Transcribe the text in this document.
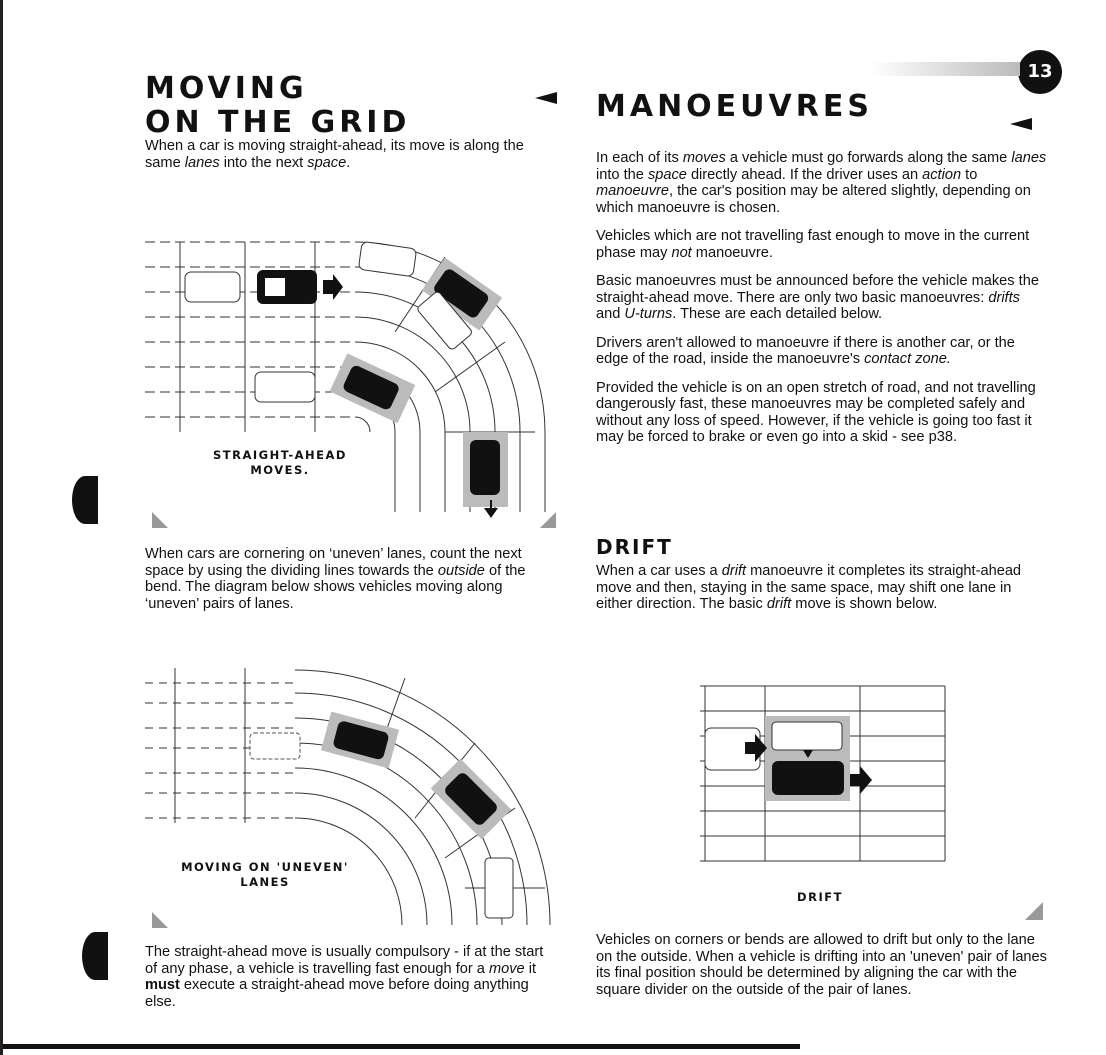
13
MOVING
ON THE GRID

When a car is moving straight-ahead, its move is along the same lanes into the next space.

STRAIGHT-AHEAD
MOVES.

When cars are cornering on ‘uneven’ lanes, count the next space by using the dividing lines towards the outside of the bend. The diagram below shows vehicles moving along ‘uneven’ pairs of lanes.

MOVING ON 'UNEVEN'
LANES

The straight-ahead move is usually compulsory - if at the start of any phase, a vehicle is travelling fast enough for a move it must execute a straight-ahead move before doing anything else.

MANOEUVRES

In each of its moves a vehicle must go forwards along the same lanes into the space directly ahead. If the driver uses an action to manoeuvre, the car's position may be altered slightly, depending on which manoeuvre is chosen.

Vehicles which are not travelling fast enough to move in the current phase may not manoeuvre.

Basic manoeuvres must be announced before the vehicle makes the straight-ahead move. There are only two basic manoeuvres: drifts and U-turns. These are each detailed below.

Drivers aren't allowed to manoeuvre if there is another car, or the edge of the road, inside the manoeuvre's contact zone.

Provided the vehicle is on an open stretch of road, and not travelling dangerously fast, these manoeuvres may be completed safely and without any loss of speed. However, if the vehicle is going too fast it may be forced to brake or even go into a skid - see p38.

DRIFT

When a car uses a drift manoeuvre it completes its straight-ahead move and then, staying in the same space, may shift one lane in either direction. The basic drift move is shown below.

DRIFT

Vehicles on corners or bends are allowed to drift but only to the lane on the outside. When a vehicle is drifting into an 'uneven' pair of lanes its final position should be determined by aligning the car with the square divider on the outside of the pair of lanes.
